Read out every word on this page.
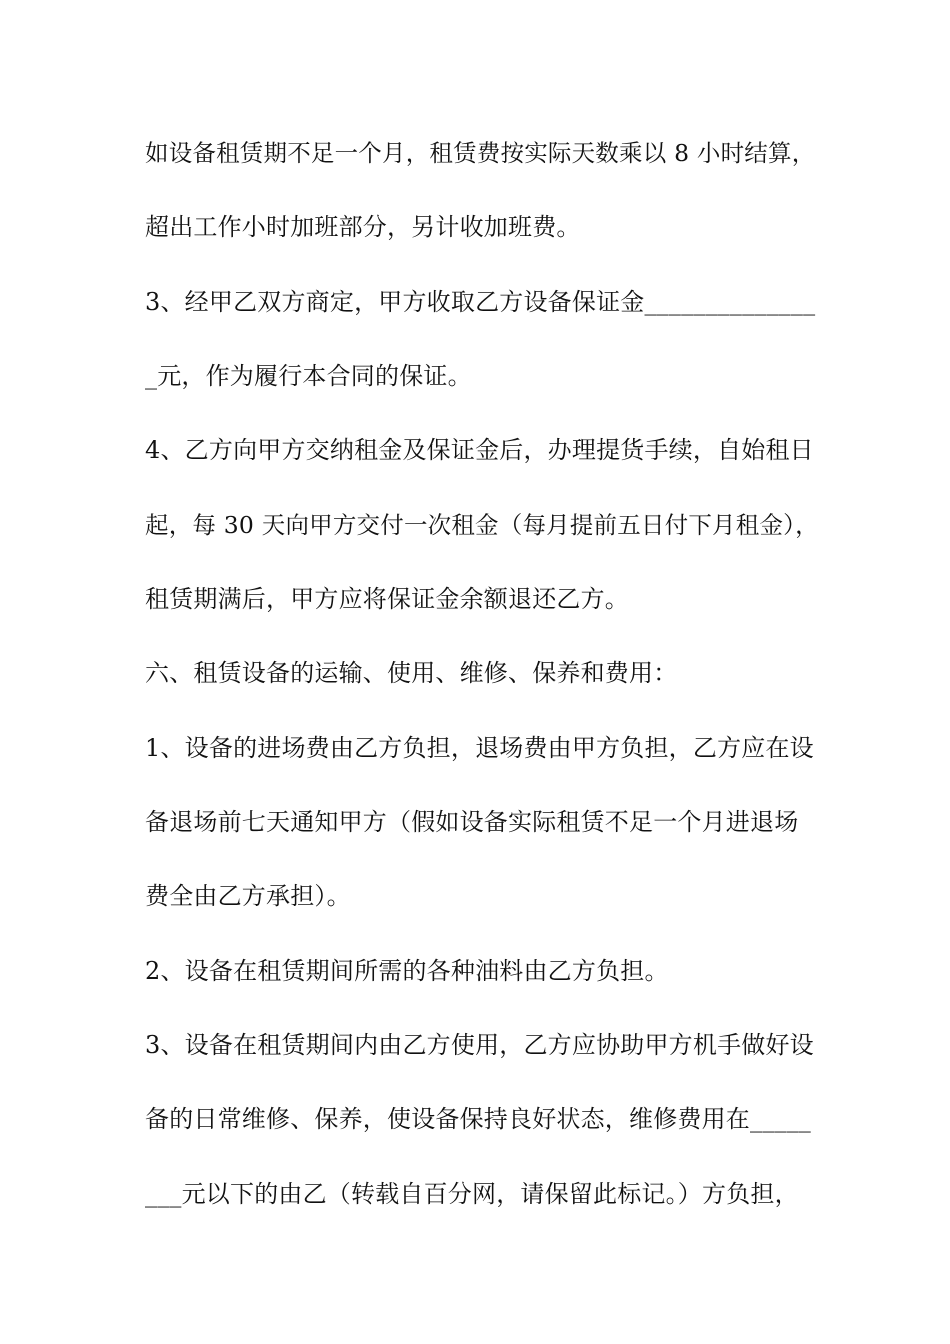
如设备租赁期不足一个月，租赁费按实际天数乘以 8 小时结算，
超出工作小时加班部分，另计收加班费。
3、经甲乙双方商定，甲方收取乙方设备保证金______________
_元，作为履行本合同的保证。
4、乙方向甲方交纳租金及保证金后，办理提货手续，自始租日
起，每 30 天向甲方交付一次租金（每月提前五日付下月租金），
租赁期满后，甲方应将保证金余额退还乙方。
六、租赁设备的运输、使用、维修、保养和费用：
1、设备的进场费由乙方负担，退场费由甲方负担，乙方应在设
备退场前七天通知甲方（假如设备实际租赁不足一个月进退场
费全由乙方承担）。
2、设备在租赁期间所需的各种油料由乙方负担。
3、设备在租赁期间内由乙方使用，乙方应协助甲方机手做好设
备的日常维修、保养，使设备保持良好状态，维修费用在_____
___元以下的由乙（转载自百分网，请保留此标记。）方负担，
